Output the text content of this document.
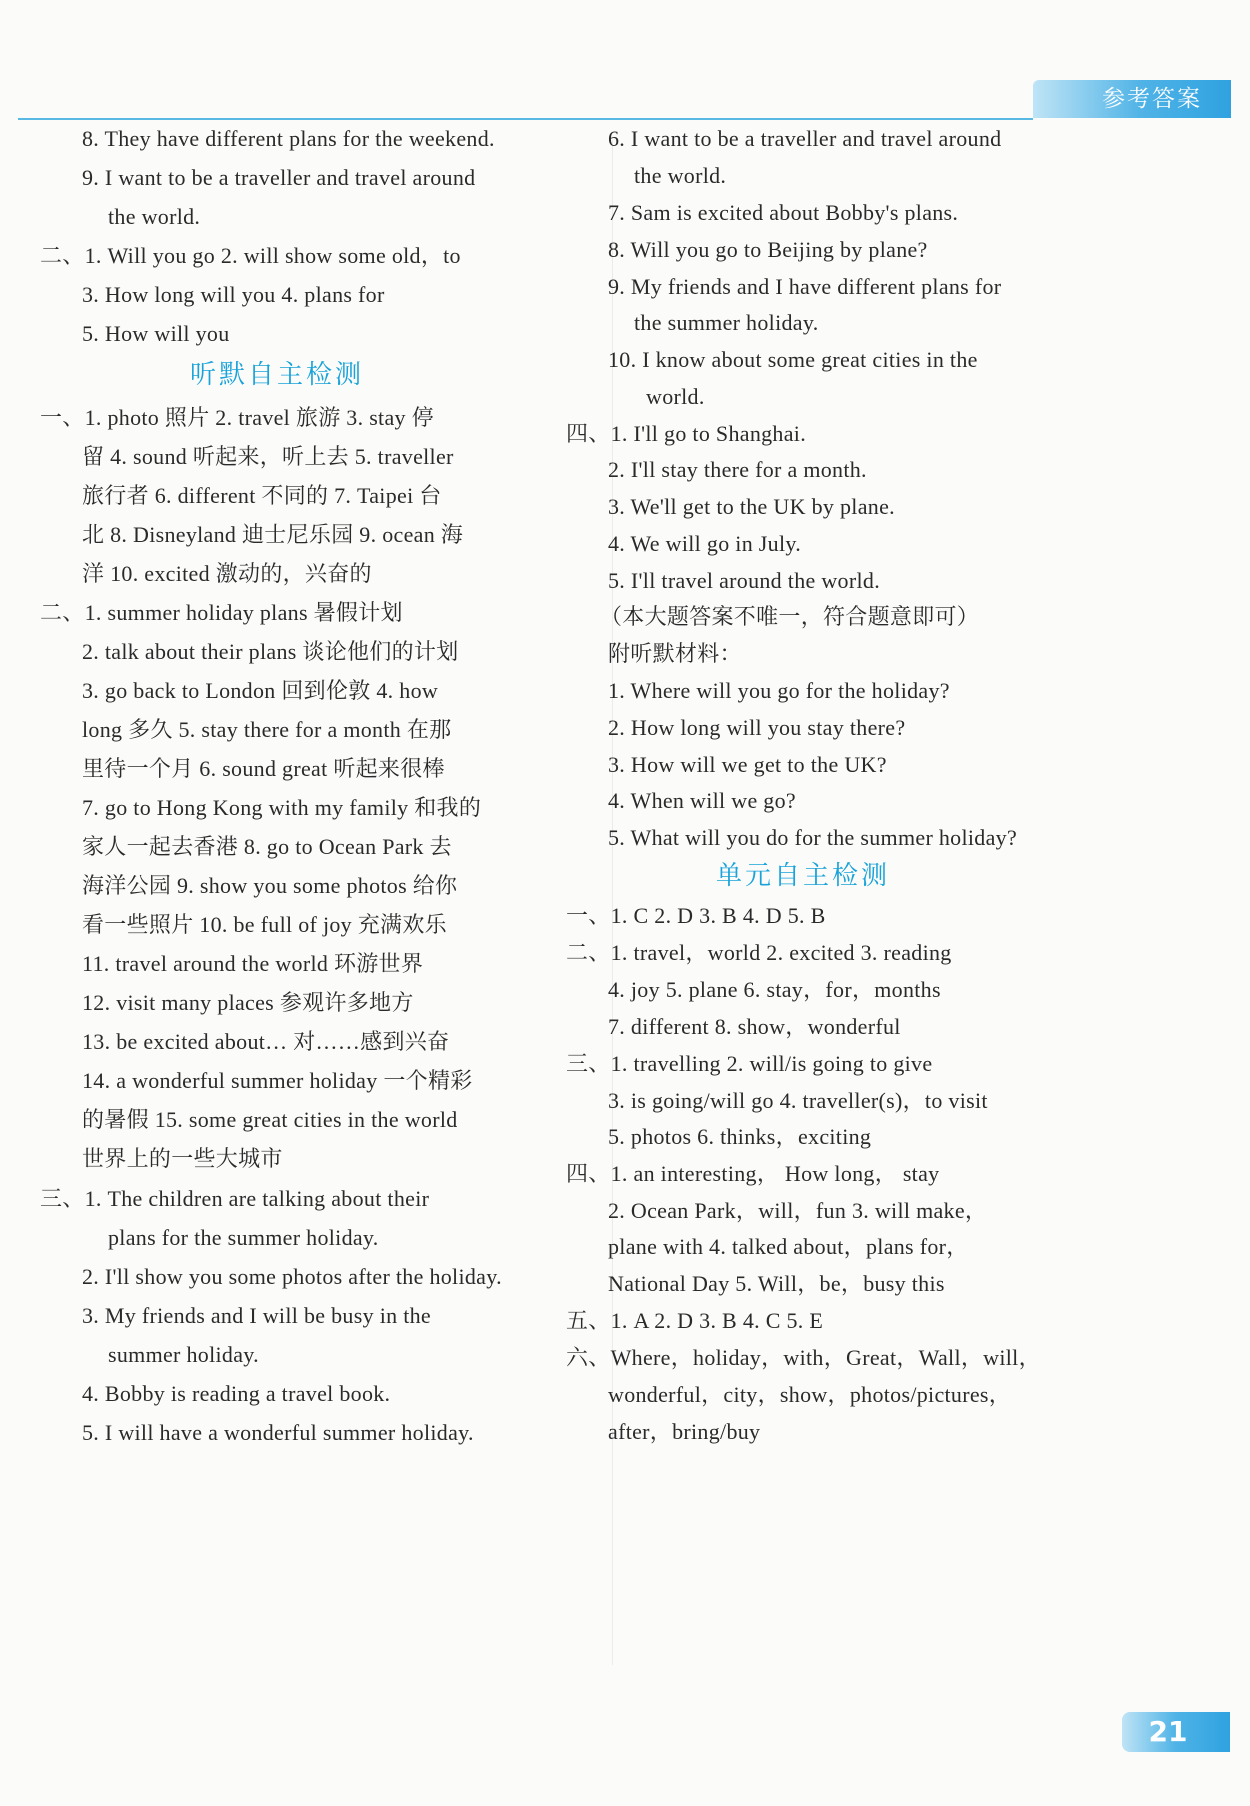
参考答案
8. They have different plans for the weekend.
9. I want to be a traveller and travel around
the world.
二、1. Will you go 2. will show some old，to
3. How long will you 4. plans for
5. How will you
听默自主检测
一、1. photo 照片 2. travel 旅游 3. stay 停
留 4. sound 听起来，听上去 5. traveller
旅行者 6. different 不同的 7. Taipei 台
北 8. Disneyland 迪士尼乐园 9. ocean 海
洋 10. excited 激动的，兴奋的
二、1. summer holiday plans 暑假计划
2. talk about their plans 谈论他们的计划
3. go back to London 回到伦敦 4. how
long 多久 5. stay there for a month 在那
里待一个月 6. sound great 听起来很棒
7. go to Hong Kong with my family 和我的
家人一起去香港 8. go to Ocean Park 去
海洋公园 9. show you some photos 给你
看一些照片 10. be full of joy 充满欢乐
11. travel around the world 环游世界
12. visit many places 参观许多地方
13. be excited about… 对……感到兴奋
14. a wonderful summer holiday 一个精彩
的暑假 15. some great cities in the world
世界上的一些大城市
三、1. The children are talking about their
plans for the summer holiday.
2. I'll show you some photos after the holiday.
3. My friends and I will be busy in the
summer holiday.
4. Bobby is reading a travel book.
5. I will have a wonderful summer holiday.
6. I want to be a traveller and travel around
the world.
7. Sam is excited about Bobby's plans.
8. Will you go to Beijing by plane?
9. My friends and I have different plans for
the summer holiday.
10. I know about some great cities in the
world.
四、1. I'll go to Shanghai.
2. I'll stay there for a month.
3. We'll get to the UK by plane.
4. We will go in July.
5. I'll travel around the world.
（本大题答案不唯一，符合题意即可）
附听默材料：
1. Where will you go for the holiday?
2. How long will you stay there?
3. How will we get to the UK?
4. When will we go?
5. What will you do for the summer holiday?
单元自主检测
一、1. C 2. D 3. B 4. D 5. B
二、1. travel，world 2. excited 3. reading
4. joy 5. plane 6. stay，for，months
7. different 8. show，wonderful
三、1. travelling 2. will/is going to give
3. is going/will go 4. traveller(s)，to visit
5. photos 6. thinks，exciting
四、1. an interesting， How long， stay
2. Ocean Park，will，fun 3. will make，
plane with 4. talked about，plans for，
National Day 5. Will，be，busy this
五、1. A 2. D 3. B 4. C 5. E
六、Where，holiday，with，Great，Wall，will，
wonderful，city，show，photos/pictures，
after，bring/buy
21
